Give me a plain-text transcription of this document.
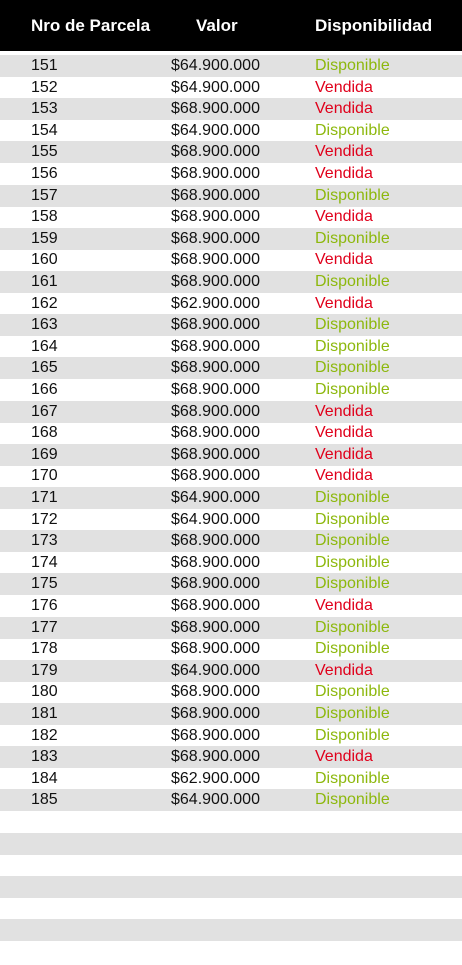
Nro de Parcela	Valor	Disponibilidad
151	$64.900.000	Disponible
152	$64.900.000	Vendida
153	$68.900.000	Vendida
154	$64.900.000	Disponible
155	$68.900.000	Vendida
156	$68.900.000	Vendida
157	$68.900.000	Disponible
158	$68.900.000	Vendida
159	$68.900.000	Disponible
160	$68.900.000	Vendida
161	$68.900.000	Disponible
162	$62.900.000	Vendida
163	$68.900.000	Disponible
164	$68.900.000	Disponible
165	$68.900.000	Disponible
166	$68.900.000	Disponible
167	$68.900.000	Vendida
168	$68.900.000	Vendida
169	$68.900.000	Vendida
170	$68.900.000	Vendida
171	$64.900.000	Disponible
172	$64.900.000	Disponible
173	$68.900.000	Disponible
174	$68.900.000	Disponible
175	$68.900.000	Disponible
176	$68.900.000	Vendida
177	$68.900.000	Disponible
178	$68.900.000	Disponible
179	$64.900.000	Vendida
180	$68.900.000	Disponible
181	$68.900.000	Disponible
182	$68.900.000	Disponible
183	$68.900.000	Vendida
184	$62.900.000	Disponible
185	$64.900.000	Disponible
